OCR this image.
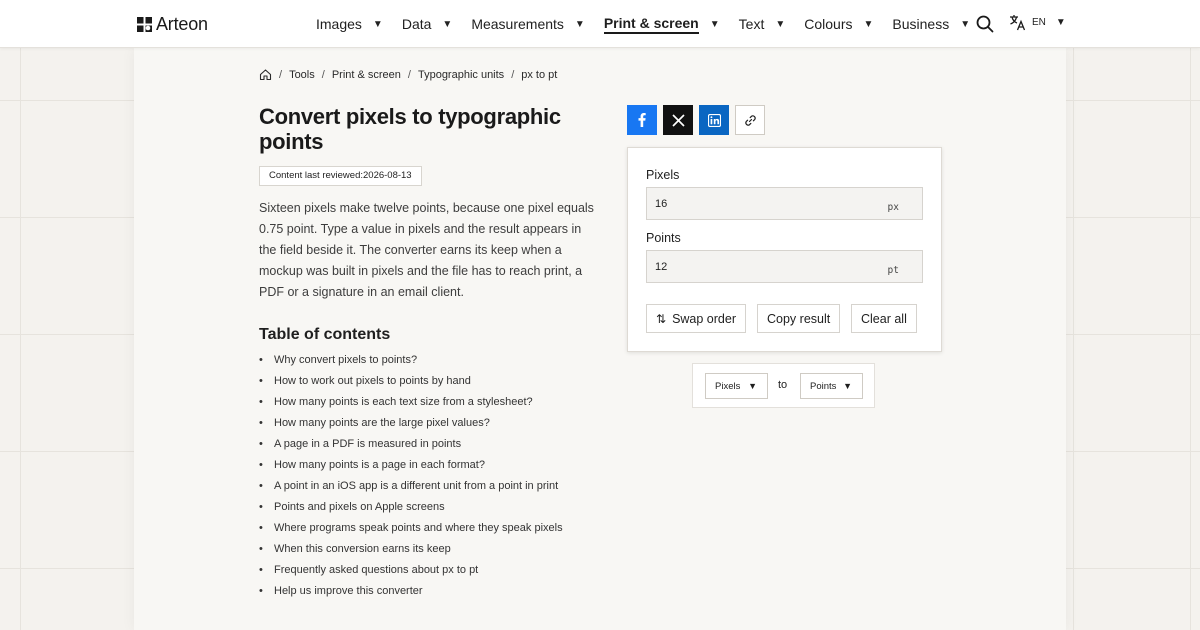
Arteon	Images ▼ Data ▼ Measurements ▼ Print & screen ▼ Text ▼ Colours ▼ Business ▼	EN ▼
/ Tools / Print & screen / Typographic units / px to pt
Convert pixels to typographic points
Content last reviewed: 2026-08-13

Sixteen pixels make twelve points, because one pixel equals 0.75 point. Type a value in pixels and the result appears in the field beside it. The converter earns its keep when a mockup was built in pixels and the file has to reach print, a PDF or a signature in an email client.

Table of contents
•	Why convert pixels to points?
•	How to work out pixels to points by hand
•	How many points is each text size from a stylesheet?
•	How many points are the large pixel values?
•	A page in a PDF is measured in points
•	How many points is a page in each format?
•	A point in an iOS app is a different unit from a point in print
•	Points and pixels on Apple screens
•	Where programs speak points and where they speak pixels
•	When this conversion earns its keep
•	Frequently asked questions about px to pt
•	Help us improve this converter
Pixels
16	px
Points
12	pt
⇅ Swap order Copy result Clear all
Pixels ▼ to Points ▼
